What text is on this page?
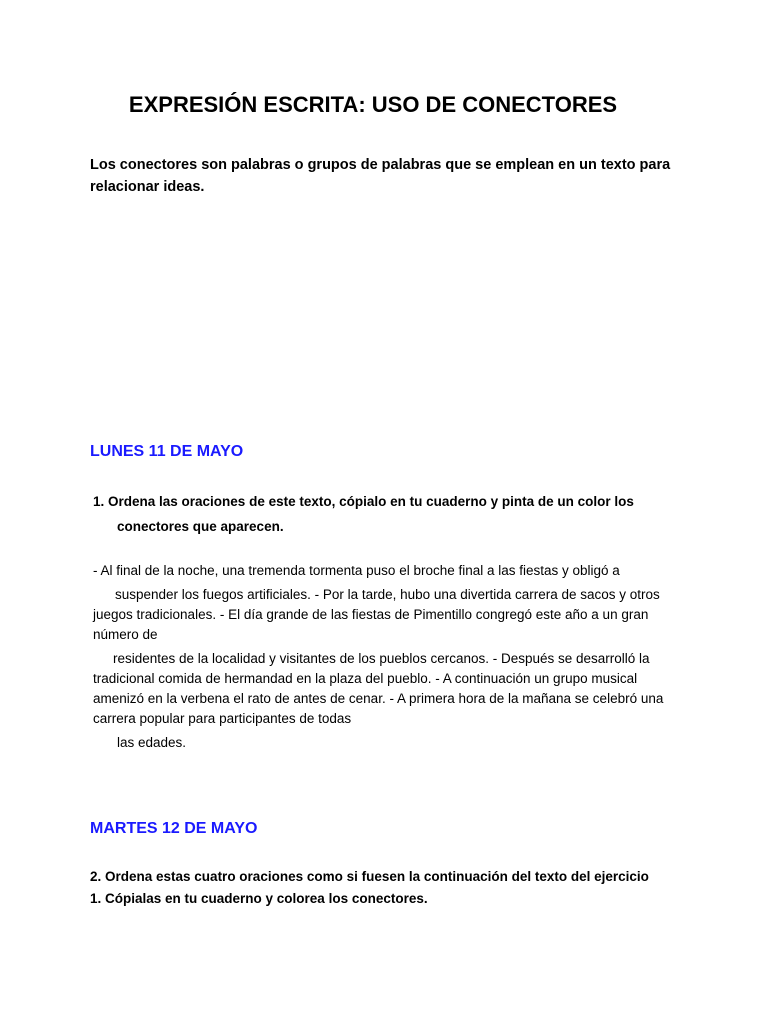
EXPRESIÓN ESCRITA: USO DE CONECTORES

Los conectores son palabras o grupos de palabras que se emplean en un texto para relacionar ideas.

LUNES 11 DE MAYO
1. Ordena las oraciones de este texto, cópialo en tu cuaderno y pinta de un color los
conectores que aparecen.
- Al final de la noche, una tremenda tormenta puso el broche final a las fiestas y obligó a
suspender los fuegos artificiales. - Por la tarde, hubo una divertida carrera de sacos y otros
juegos tradicionales. - El día grande de las fiestas de Pimentillo congregó este año a un gran
número de
residentes de la localidad y visitantes de los pueblos cercanos. - Después se desarrolló la
tradicional comida de hermandad en la plaza del pueblo. - A continuación un grupo musical
amenizó en la verbena el rato de antes de cenar. - A primera hora de la mañana se celebró una
carrera popular para participantes de todas
las edades.
MARTES 12 DE MAYO

2. Ordena estas cuatro oraciones como si fuesen la continuación del texto del ejercicio 1. Cópialas en tu cuaderno y colorea los conectores.
